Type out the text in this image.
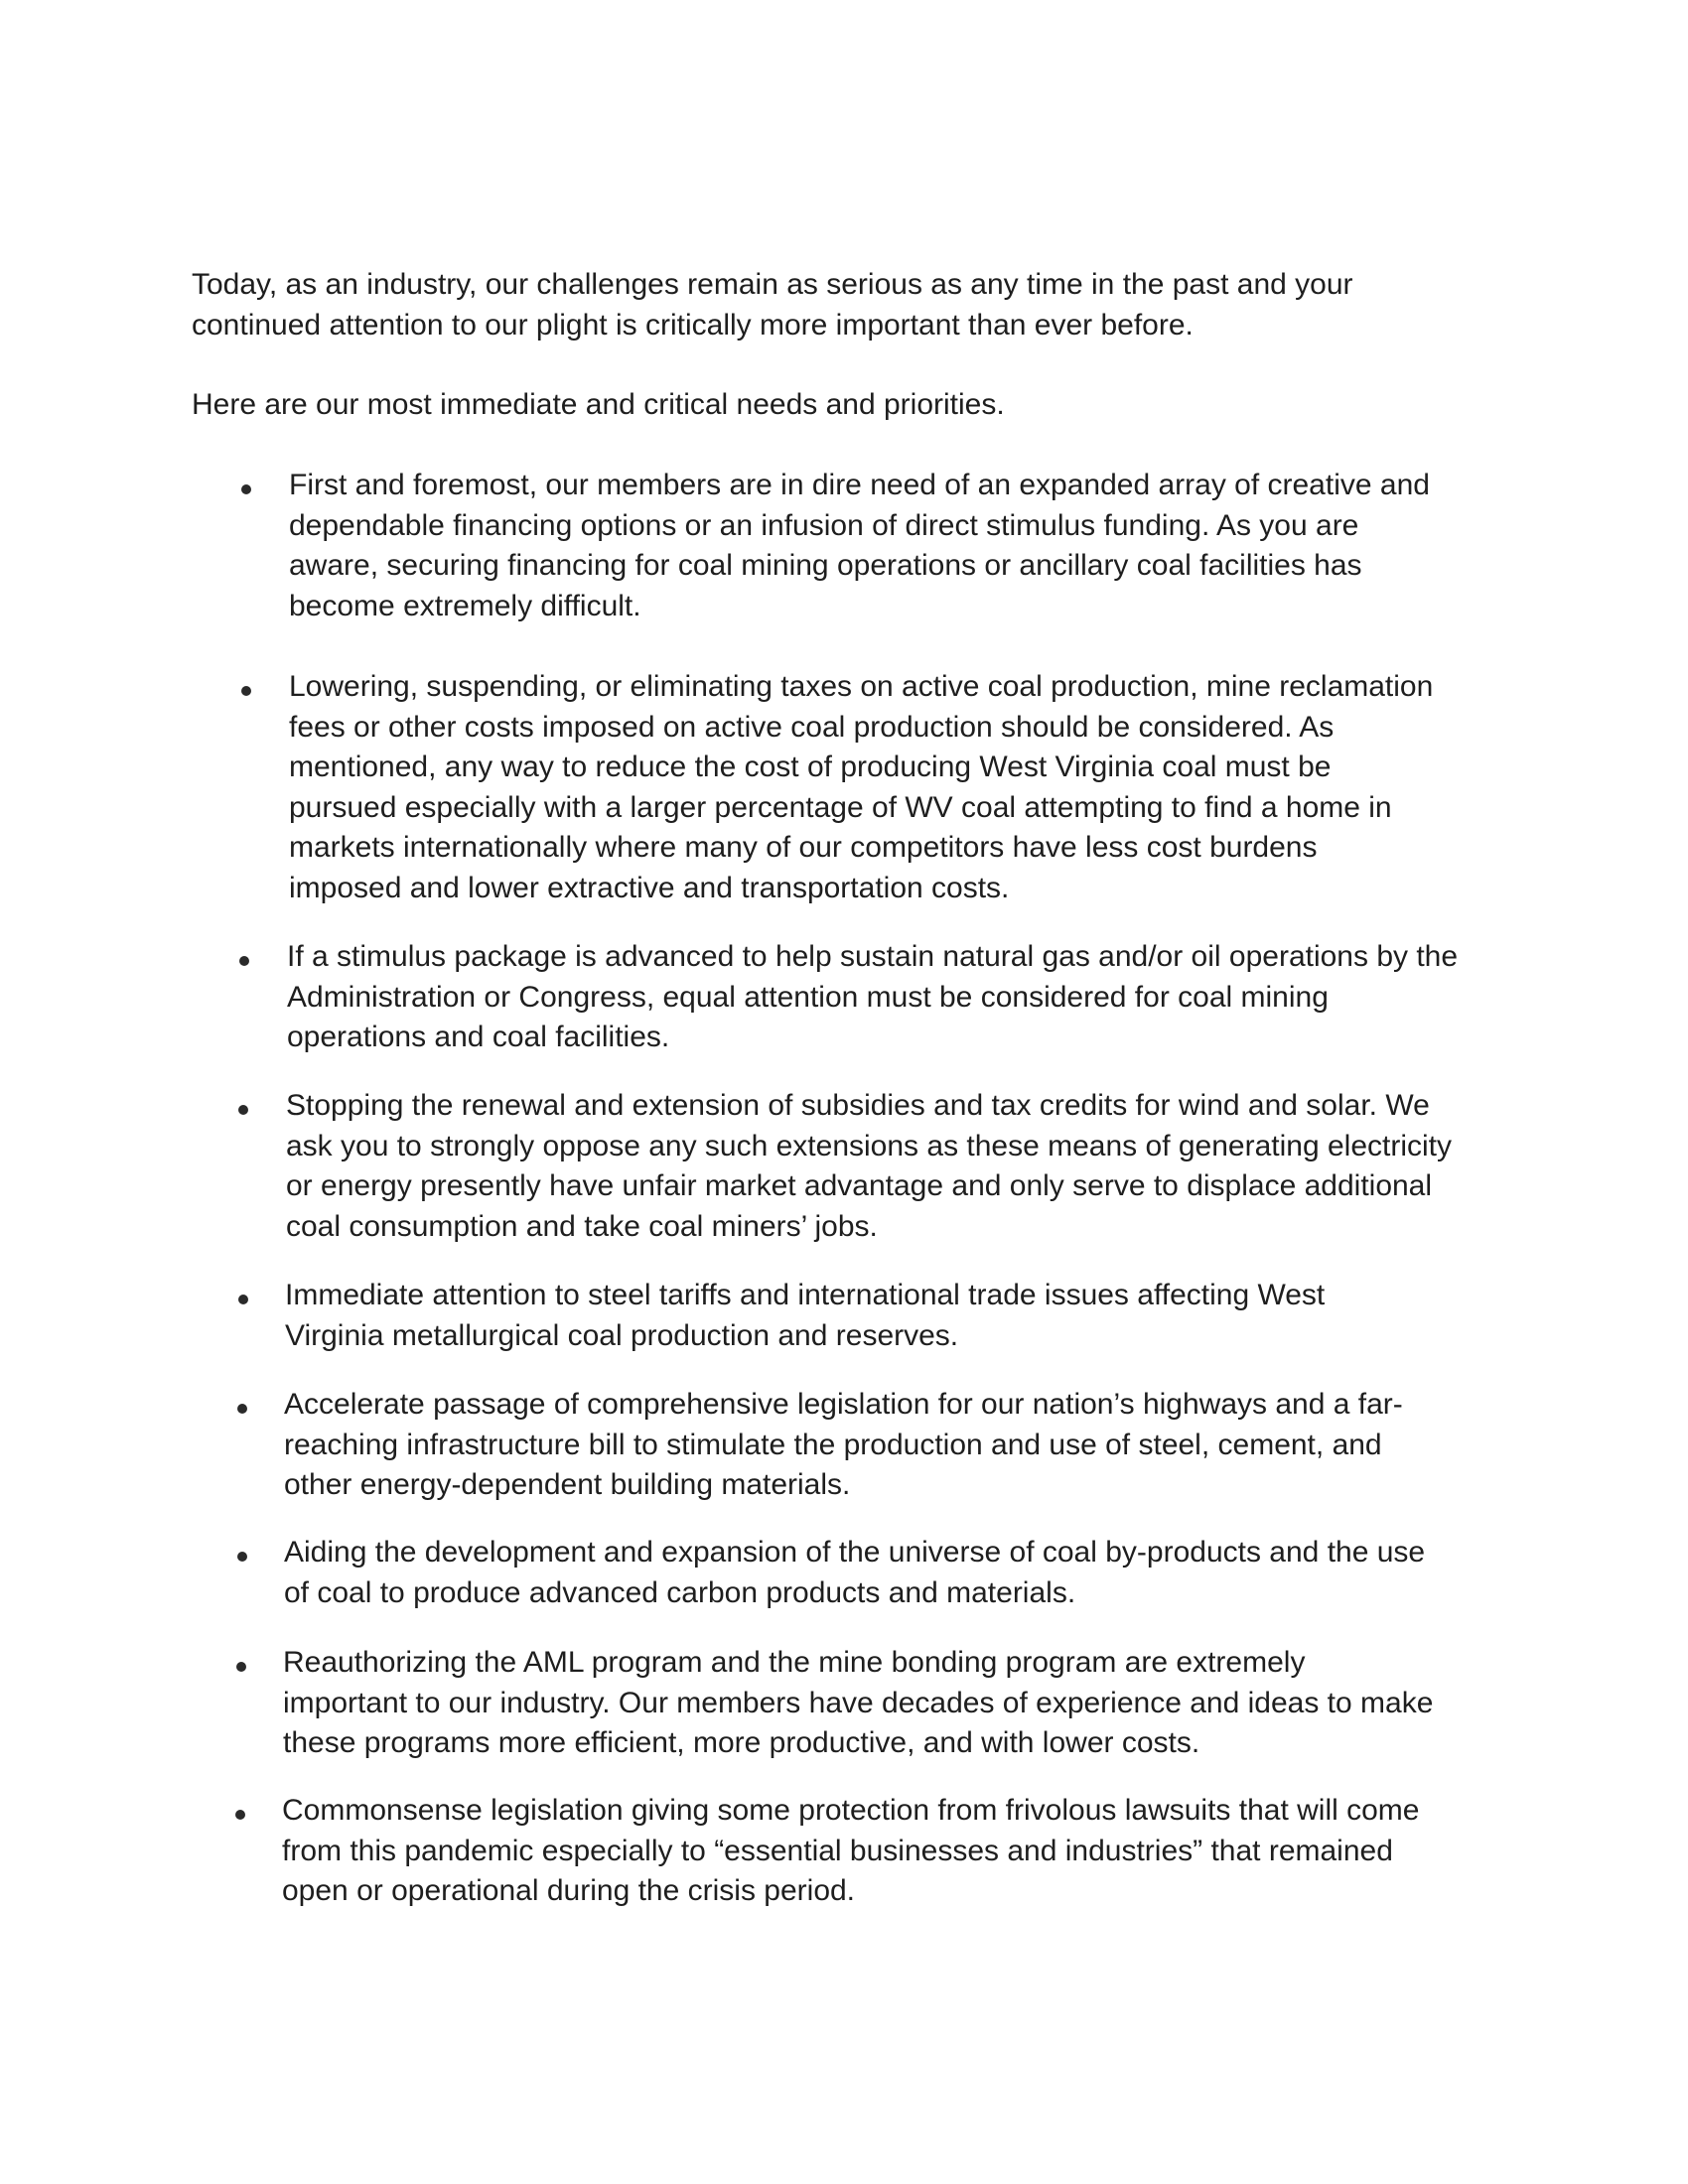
Today, as an industry, our challenges remain as serious as any time in the past and your
continued attention to our plight is critically more important than ever before.

Here are our most immediate and critical needs and priorities.

First and foremost, our members are in dire need of an expanded array of creative and
dependable financing options or an infusion of direct stimulus funding. As you are
aware, securing financing for coal mining operations or ancillary coal facilities has
become extremely difficult.

Lowering, suspending, or eliminating taxes on active coal production, mine reclamation
fees or other costs imposed on active coal production should be considered. As
mentioned, any way to reduce the cost of producing West Virginia coal must be
pursued especially with a larger percentage of WV coal attempting to find a home in
markets internationally where many of our competitors have less cost burdens
imposed and lower extractive and transportation costs.

If a stimulus package is advanced to help sustain natural gas and/or oil operations by the
Administration or Congress, equal attention must be considered for coal mining
operations and coal facilities.

Stopping the renewal and extension of subsidies and tax credits for wind and solar. We
ask you to strongly oppose any such extensions as these means of generating electricity
or energy presently have unfair market advantage and only serve to displace additional
coal consumption and take coal miners’ jobs.

Immediate attention to steel tariffs and international trade issues affecting West
Virginia metallurgical coal production and reserves.

Accelerate passage of comprehensive legislation for our nation’s highways and a far-
reaching infrastructure bill to stimulate the production and use of steel, cement, and
other energy-dependent building materials.

Aiding the development and expansion of the universe of coal by-products and the use
of coal to produce advanced carbon products and materials.

Reauthorizing the AML program and the mine bonding program are extremely
important to our industry. Our members have decades of experience and ideas to make
these programs more efficient, more productive, and with lower costs.

Commonsense legislation giving some protection from frivolous lawsuits that will come
from this pandemic especially to “essential businesses and industries” that remained
open or operational during the crisis period.
